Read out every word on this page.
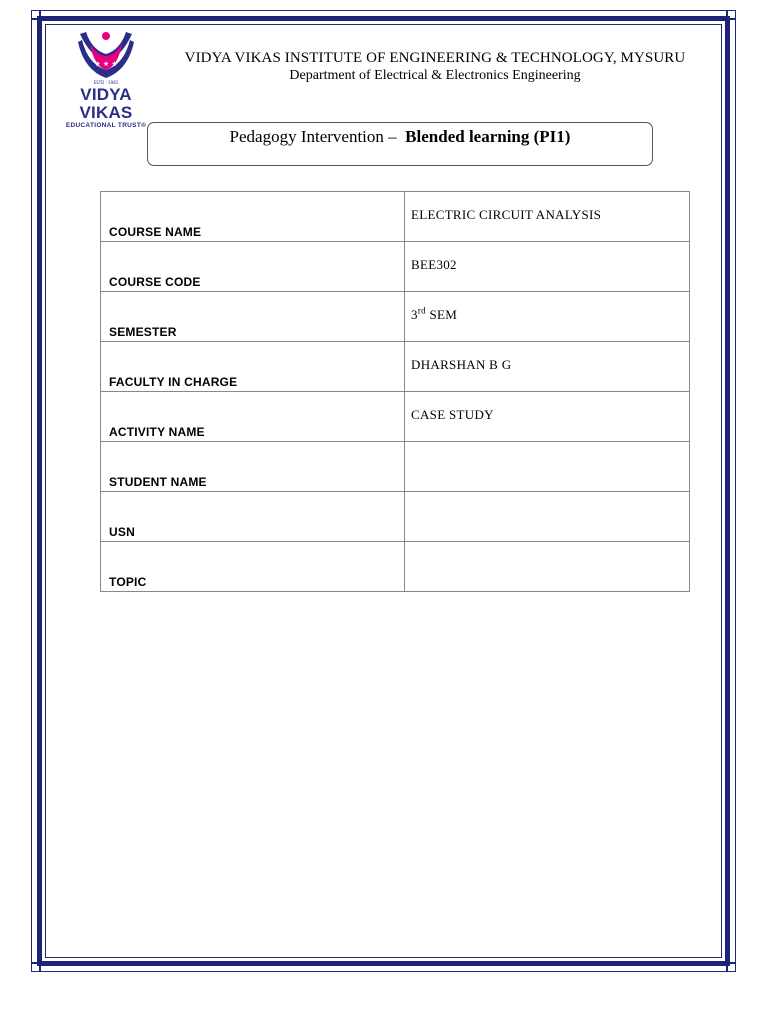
★ ★ ★
ESTD : 1981
VIDYA VIKAS
EDUCATIONAL TRUST®
VIDYA VIKAS INSTITUTE OF ENGINEERING & TECHNOLOGY, MYSURU
Department of Electrical & Electronics Engineering
Pedagogy Intervention – Blended learning (PI1)
COURSE NAME	ELECTRIC CIRCUIT ANALYSIS
COURSE CODE	BEE302
SEMESTER	3rd SEM
FACULTY IN CHARGE	DHARSHAN B G
ACTIVITY NAME	CASE STUDY
STUDENT NAME	
USN	
TOPIC	
